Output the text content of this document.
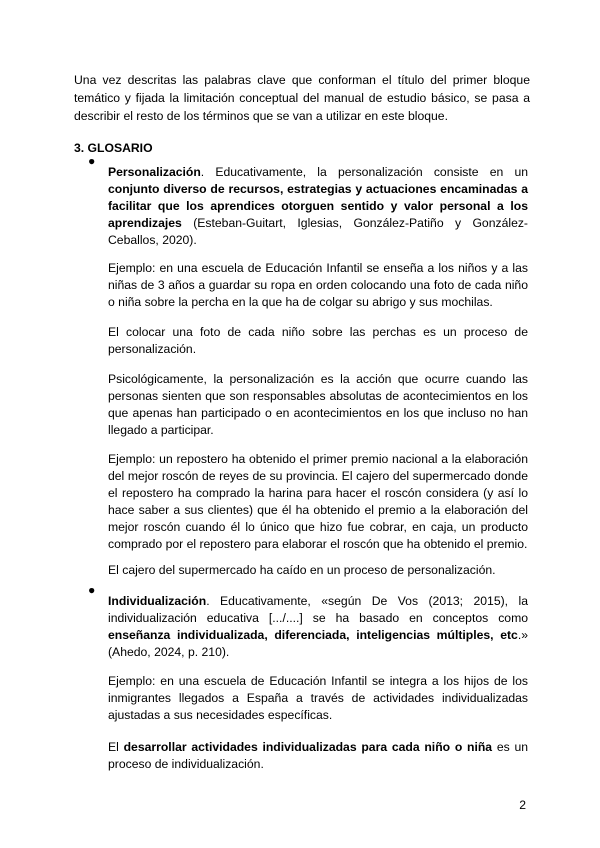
Una vez descritas las palabras clave que conforman el título del primer bloque temático y fijada la limitación conceptual del manual de estudio básico, se pasa a describir el resto de los términos que se van a utilizar en este bloque.

3. GLOSARIO
●

Personalización. Educativamente, la personalización consiste en un conjunto diverso de recursos, estrategias y actuaciones encaminadas a facilitar que los aprendices otorguen sentido y valor personal a los aprendizajes (Esteban-Guitart, Iglesias, González-Patiño y González-Ceballos, 2020).

Ejemplo: en una escuela de Educación Infantil se enseña a los niños y a las niñas de 3 años a guardar su ropa en orden colocando una foto de cada niño o niña sobre la percha en la que ha de colgar su abrigo y sus mochilas.

El colocar una foto de cada niño sobre las perchas es un proceso de personalización.

Psicológicamente, la personalización es la acción que ocurre cuando las personas sienten que son responsables absolutas de acontecimientos en los que apenas han participado o en acontecimientos en los que incluso no han llegado a participar.

Ejemplo: un repostero ha obtenido el primer premio nacional a la elaboración del mejor roscón de reyes de su provincia. El cajero del supermercado donde el repostero ha comprado la harina para hacer el roscón considera (y así lo hace saber a sus clientes) que él ha obtenido el premio a la elaboración del mejor roscón cuando él lo único que hizo fue cobrar, en caja, un producto comprado por el repostero para elaborar el roscón que ha obtenido el premio.

El cajero del supermercado ha caído en un proceso de personalización.

●

Individualización. Educativamente, «según De Vos (2013; 2015), la individualización educativa [.../....] se ha basado en conceptos como enseñanza individualizada, diferenciada, inteligencias múltiples, etc.» (Ahedo, 2024, p. 210).

Ejemplo: en una escuela de Educación Infantil se integra a los hijos de los inmigrantes llegados a España a través de actividades individualizadas ajustadas a sus necesidades específicas.

El desarrollar actividades individualizadas para cada niño o niña es un proceso de individualización.

2
